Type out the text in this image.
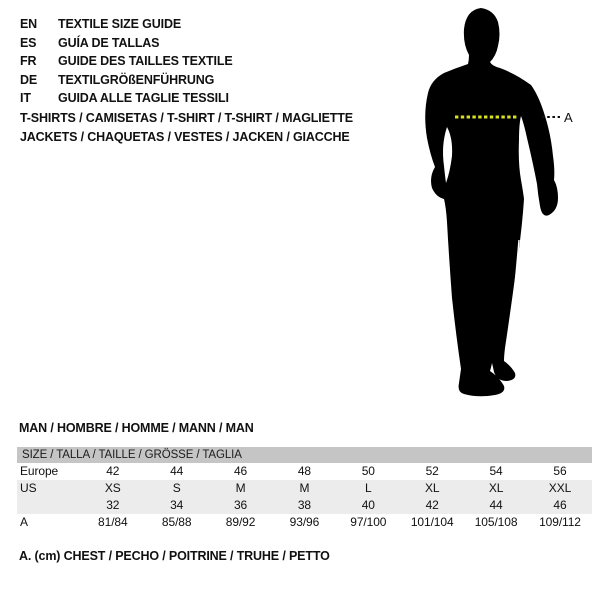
EN TEXTILE SIZE GUIDE
ES GUÍA DE TALLAS
FR GUIDE DES TAILLES TEXTILE
DE TEXTILGRÖßENFÜHRUNG
IT GUIDA ALLE TAGLIE TESSILI
T-SHIRTS / CAMISETAS / T-SHIRT / T-SHIRT / MAGLIETTE
JACKETS / CHAQUETAS / VESTES / JACKEN / GIACCHE
A
MAN / HOMBRE / HOMME / MANN / MAN
SIZE / TALLA / TAILLE / GRÖSSE / TAGLIA								
Europe	42	44	46	48	50	52	54	56
US	XS	S	M	M	L	XL	XL	XXL
	32	34	36	38	40	42	44	46
A	81/84	85/88	89/92	93/96	97/100	101/104	105/108	109/112
A. (cm) CHEST / PECHO / POITRINE / TRUHE / PETTO
